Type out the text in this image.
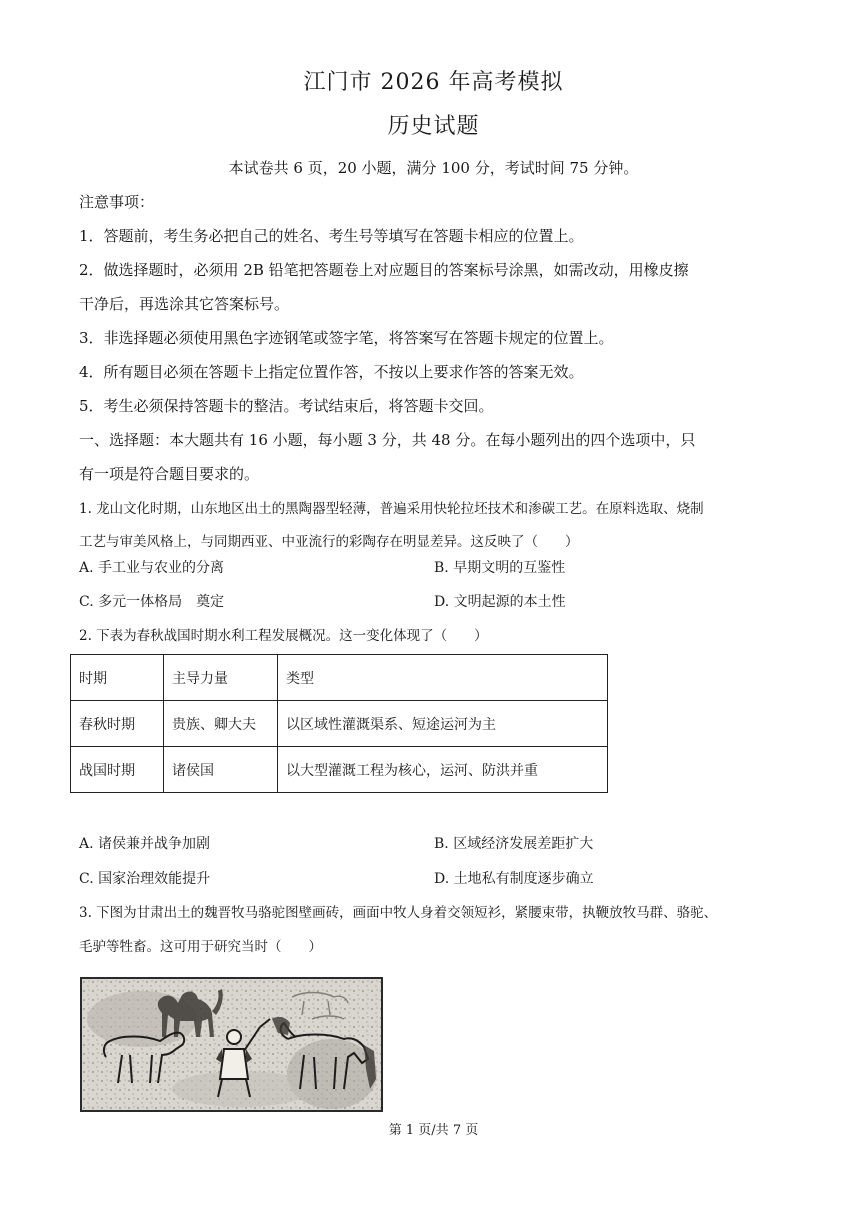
江门市 2026 年高考模拟
历史试题
本试卷共 6 页，20 小题，满分 100 分，考试时间 75 分钟。
注意事项：
1．答题前，考生务必把自己的姓名、考生号等填写在答题卡相应的位置上。
2．做选择题时，必须用 2B 铅笔把答题卷上对应题目的答案标号涂黑，如需改动，用橡皮擦
干净后，再选涂其它答案标号。
3．非选择题必须使用黑色字迹钢笔或签字笔，将答案写在答题卡规定的位置上。
4．所有题目必须在答题卡上指定位置作答，不按以上要求作答的答案无效。
5．考生必须保持答题卡的整洁。考试结束后，将答题卡交回。
一、选择题：本大题共有 16 小题，每小题 3 分，共 48 分。在每小题列出的四个选项中，只
有一项是符合题目要求的。
1. 龙山文化时期，山东地区出土的黑陶器型轻薄，普遍采用快轮拉坯技术和渗碳工艺。在原料选取、烧制
工艺与审美风格上，与同期西亚、中亚流行的彩陶存在明显差异。这反映了（　　）
A. 手工业与农业的分离	B. 早期文明的互鉴性
C. 多元一体格局　奠定	D. 文明起源的本土性
2. 下表为春秋战国时期水利工程发展概况。这一变化体现了（　　）
时期	主导力量	类型
春秋时期	贵族、卿大夫	以区域性灌溉渠系、短途运河为主
战国时期	诸侯国	以大型灌溉工程为核心，运河、防洪并重
A. 诸侯兼并战争加剧	B. 区域经济发展差距扩大
C. 国家治理效能提升	D. 土地私有制度逐步确立
3. 下图为甘肃出土的魏晋牧马骆驼图壁画砖，画面中牧人身着交领短衫，紧腰束带，执鞭放牧马群、骆驼、
毛驴等牲畜。这可用于研究当时（　　）
第 1 页/共 7 页
